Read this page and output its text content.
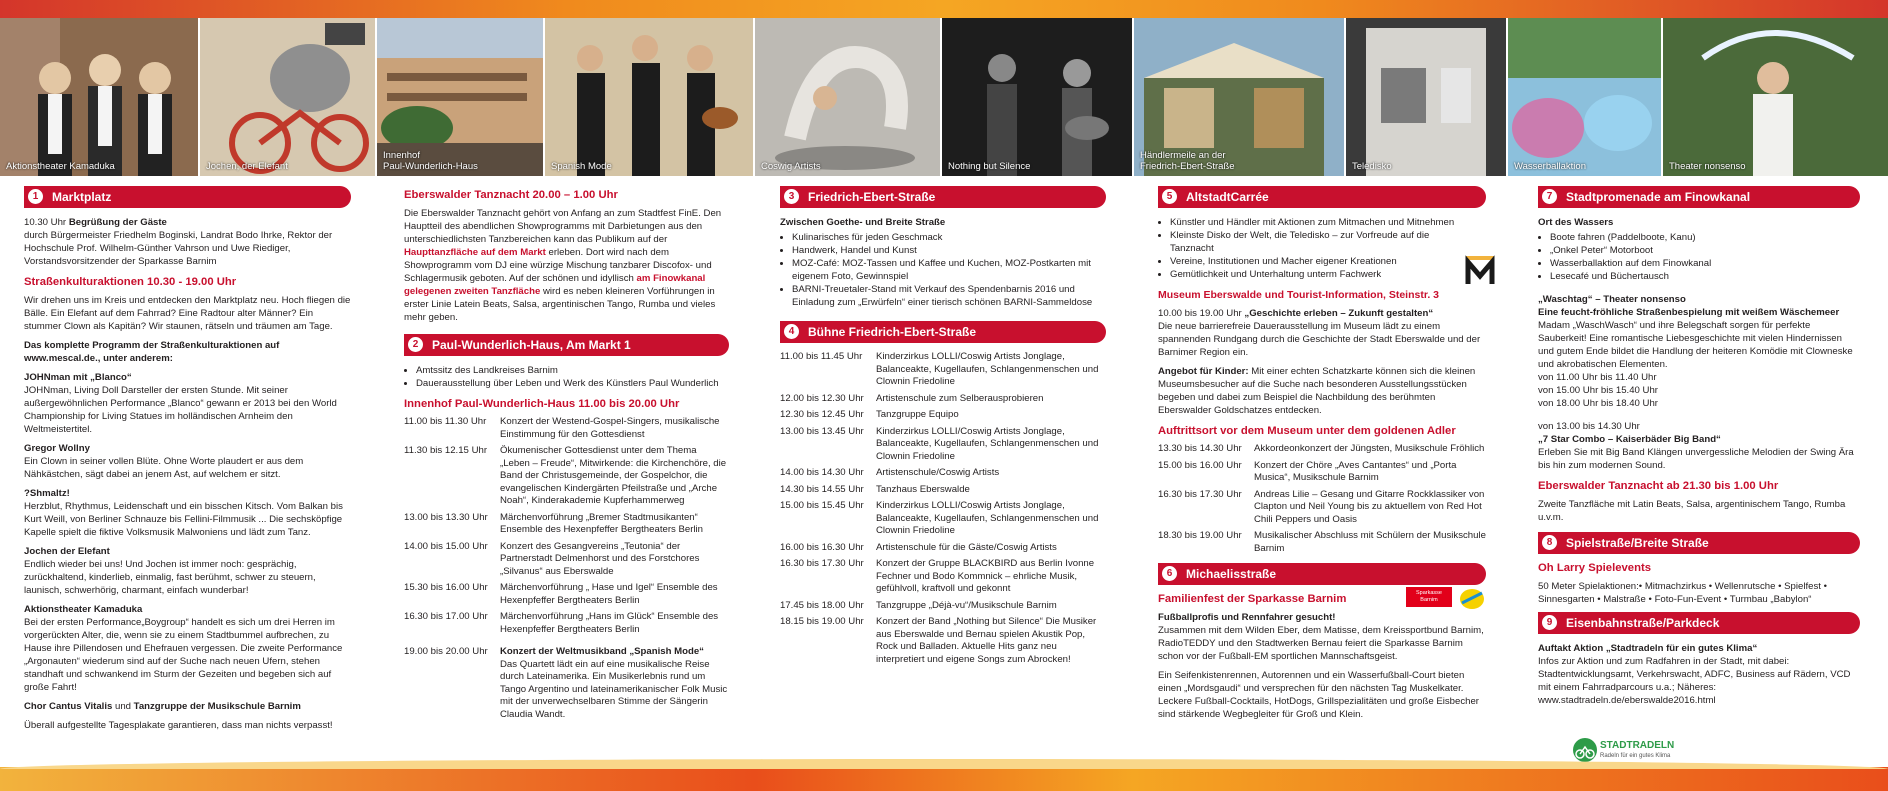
Aktionstheater Kamaduka	Jochen, der Elefant
Innenhof
Paul-Wunderlich-Haus	Spanish Mode	Coswig Artists	Nothing but Silence
Händlermeile an der
Friedrich-Ebert-Straße	Teledisko	Wasserballaktion	Theater nonsenso
1	Marktplatz

10.30 Uhr Begrüßung der Gäste
durch Bürgermeister Friedhelm Boginski, Landrat Bodo Ihrke, Rektor der Hochschule Prof. Wilhelm-Günther Vahrson und Uwe Riediger, Vorstandsvorsitzender der Sparkasse Barnim

Straßenkulturaktionen 10.30 - 19.00 Uhr

Wir drehen uns im Kreis und entdecken den Marktplatz neu. Hoch fliegen die Bälle. Ein Elefant auf dem Fahrrad? Eine Radtour alter Männer? Ein stummer Clown als Kapitän? Wir staunen, rätseln und träumen am Tage.

Das komplette Programm der Straßenkulturaktionen auf www.mescal.de., unter anderem:

JOHNman mit „Blanco“
JOHNman, Living Doll Darsteller der ersten Stunde. Mit seiner außergewöhnlichen Performance „Blanco“ gewann er 2013 bei den World Championship for Living Statues im holländischen Arnheim den Weltmeistertitel.

Gregor Wollny
Ein Clown in seiner vollen Blüte. Ohne Worte plaudert er aus dem Nähkästchen, sägt dabei an jenem Ast, auf welchem er sitzt.

?Shmaltz!
Herzblut, Rhythmus, Leidenschaft und ein bisschen Kitsch. Vom Balkan bis Kurt Weill, von Berliner Schnauze bis Fellini-Filmmusik ... Die sechsköpfige Kapelle spielt die fiktive Volksmusik Malwoniens und lädt zum Tanz.

Jochen der Elefant
Endlich wieder bei uns! Und Jochen ist immer noch: gesprächig, zurückhaltend, kinderlieb, einmalig, fast berühmt, schwer zu steuern, launisch, schwerhörig, charmant, einfach wunderbar!

Aktionstheater Kamaduka
Bei der ersten Performance„Boygroup“ handelt es sich um drei Herren im vorgerückten Alter, die, wenn sie zu einem Stadtbummel aufbrechen, zu Hause ihre Pillendosen und Ehefrauen vergessen. Die zweite Performance „Argonauten“ wiederum sind auf der Suche nach neuen Ufern, stehen standhaft und schwankend im Sturm der Gezeiten und begeben sich auf große Fahrt!

Chor Cantus Vitalis und Tanzgruppe der Musikschule Barnim

Überall aufgestellte Tagesplakate garantieren, dass man nichts verpasst!

Eberswalder Tanznacht 20.00 – 1.00 Uhr

Die Eberswalder Tanznacht gehört von Anfang an zum Stadtfest FinE. Den Hauptteil des abendlichen Showprogramms mit Darbietungen aus den unterschiedlichsten Tanzbereichen kann das Publikum auf der Haupttanzfläche auf dem Markt erleben. Dort wird nach dem Showprogramm vom DJ eine würzige Mischung tanzbarer Discofox- und Schlagermusik geboten. Auf der schönen und idyllisch am Finowkanal gelegenen zweiten Tanzfläche wird es neben kleineren Vorführungen in erster Linie Latein Beats, Salsa, argentinischen Tango, Rumba und vieles mehr geben.

2	Paul-Wunderlich-Haus, Am Markt 1
• Amtssitz des Landkreises Barnim
• Dauerausstellung über Leben und Werk des Künstlers Paul Wunderlich
Innenhof Paul-Wunderlich-Haus 11.00 bis 20.00 Uhr
11.00 bis 11.30 Uhr	Konzert der Westend-Gospel-Singers, musikalische Einstimmung für den Gottesdienst
11.30 bis 12.15 Uhr	Ökumenischer Gottesdienst unter dem Thema „Leben – Freude“, Mitwirkende: die Kirchenchöre, die Band der Christusgemeinde, der Gospelchor, die evangelischen Kindergärten Pfeilstraße und „Arche Noah“, Kinderakademie Kupferhammerweg
13.00 bis 13.30 Uhr	Märchenvorführung „Bremer Stadtmusikanten“ Ensemble des Hexenpfeffer Bergtheaters Berlin
14.00 bis 15.00 Uhr	Konzert des Gesangvereins „Teutonia“ der Partnerstadt Delmenhorst und des Forstchores „Silvanus“ aus Eberswalde
15.30 bis 16.00 Uhr	Märchenvorführung „ Hase und Igel“ Ensemble des Hexenpfeffer Bergtheaters Berlin
16.30 bis 17.00 Uhr	Märchenvorführung „Hans im Glück“ Ensemble des Hexenpfeffer Bergtheaters Berlin
19.00 bis 20.00 Uhr	Konzert der Weltmusikband „Spanish Mode“
Das Quartett lädt ein auf eine musikalische Reise durch Lateinamerika. Ein Musikerlebnis rund um Tango Argentino und lateinamerikanischer Folk Music mit der unverwechselbaren Stimme der Sängerin Claudia Wandt.
3	Friedrich-Ebert-Straße

Zwischen Goethe- und Breite Straße

• Kulinarisches für jeden Geschmack
• Handwerk, Handel und Kunst
• MOZ-Café: MOZ-Tassen und Kaffee und Kuchen, MOZ-Postkarten mit eigenem Foto, Gewinnspiel
• BARNI-Treuetaler-Stand mit Verkauf des Spendenbarnis 2016 und Einladung zum „Erwürfeln“ einer tierisch schönen BARNI-Sammeldose
4	Bühne Friedrich-Ebert-Straße
11.00 bis 11.45 Uhr	Kinderzirkus LOLLI/Coswig Artists Jonglage, Balanceakte, Kugellaufen, Schlangenmenschen und Clownin Friedoline
12.00 bis 12.30 Uhr	Artistenschule zum Selberausprobieren
12.30 bis 12.45 Uhr	Tanzgruppe Equipo
13.00 bis 13.45 Uhr	Kinderzirkus LOLLI/Coswig Artists Jonglage, Balanceakte, Kugellaufen, Schlangenmenschen und Clownin Friedoline
14.00 bis 14.30 Uhr	Artistenschule/Coswig Artists
14.30 bis 14.55 Uhr	Tanzhaus Eberswalde
15.00 bis 15.45 Uhr	Kinderzirkus LOLLI/Coswig Artists Jonglage, Balanceakte, Kugellaufen, Schlangenmenschen und Clownin Friedoline
16.00 bis 16.30 Uhr	Artistenschule für die Gäste/Coswig Artists
16.30 bis 17.30 Uhr	Konzert der Gruppe BLACKBIRD aus Berlin Ivonne Fechner und Bodo Kommnick – ehrliche Musik, gefühlvoll, kraftvoll und gekonnt
17.45 bis 18.00 Uhr	Tanzgruppe „Déjà-vu“/Musikschule Barnim
18.15 bis 19.00 Uhr	Konzert der Band „Nothing but Silence“ Die Musiker aus Eberswalde und Bernau spielen Akustik Pop, Rock und Balladen. Aktuelle Hits ganz neu interpretiert und eigene Songs zum Abrocken!
5	AltstadtCarrée
• Künstler und Händler mit Aktionen zum Mitmachen und Mitnehmen
• Kleinste Disko der Welt, die Teledisko – zur Vorfreude auf die Tanznacht
• Vereine, Institutionen und Macher eigener Kreationen
• Gemütlichkeit und Unterhaltung unterm Fachwerk
Museum Eberswalde und Tourist-Information, Steinstr. 3

10.00 bis 19.00 Uhr „Geschichte erleben – Zukunft gestalten“
Die neue barrierefreie Dauerausstellung im Museum lädt zu einem spannenden Rundgang durch die Geschichte der Stadt Eberswalde und der Barnimer Region ein.

Angebot für Kinder: Mit einer echten Schatzkarte können sich die kleinen Museumsbesucher auf die Suche nach besonderen Ausstellungsstücken begeben und dabei zum Beispiel die Nachbildung des berühmten Eberswalder Goldschatzes entdecken.

Auftrittsort vor dem Museum unter dem goldenen Adler
13.30 bis 14.30 Uhr	Akkordeonkonzert der Jüngsten, Musikschule Fröhlich
15.00 bis 16.00 Uhr	Konzert der Chöre „Aves Cantantes“ und „Porta Musica“, Musikschule Barnim
16.30 bis 17.30 Uhr	Andreas Lilie – Gesang und Gitarre Rockklassiker von Clapton und Neil Young bis zu aktuellem von Red Hot Chili Peppers und Oasis
18.30 bis 19.00 Uhr	Musikalischer Abschluss mit Schülern der Musikschule Barnim
6	Michaelisstraße
Familienfest der Sparkasse Barnim	Sparkasse Barnim

Fußballprofis und Rennfahrer gesucht!
Zusammen mit dem Wilden Eber, dem Matisse, dem Kreissportbund Barnim, RadioTEDDY und den Stadtwerken Bernau feiert die Sparkasse Barnim schon vor der Fußball-EM sportlichen Mannschaftsgeist.

Ein Seifenkistenrennen, Autorennen und ein Wasserfußball-Court bieten einen „Mordsgaudi“ und versprechen für den nächsten Tag Muskelkater. Leckere Fußball-Cocktails, HotDogs, Grillspezialitäten und große Eisbecher sind stärkende Wegbegleiter für Groß und Klein.

7	Stadtpromenade am Finowkanal

Ort des Wassers

• Boote fahren (Paddelboote, Kanu)
• „Onkel Peter“ Motorboot
• Wasserballaktion auf dem Finowkanal
• Lesecafé und Büchertausch

„Waschtag“ – Theater nonsenso
Eine feucht-fröhliche Straßenbespielung mit weißem Wäschemeer
Madam „WaschWasch“ und ihre Belegschaft sorgen für perfekte Sauberkeit! Eine romantische Liebesgeschichte mit vielen Hindernissen und gutem Ende bildet die Handlung der heiteren Komödie mit Clowneske und akrobatischen Elementen.
von 11.00 Uhr bis 11.40 Uhr
von 15.00 Uhr bis 15.40 Uhr
von 18.00 Uhr bis 18.40 Uhr

von 13.00 bis 14.30 Uhr
„7 Star Combo – Kaiserbäder Big Band“
Erleben Sie mit Big Band Klängen unvergessliche Melodien der Swing Ära bis hin zum modernen Sound.

Eberswalder Tanznacht ab 21.30 bis 1.00 Uhr

Zweite Tanzfläche mit Latin Beats, Salsa, argentinischem Tango, Rumba u.v.m.

8	Spielstraße/Breite Straße
Oh Larry Spielevents

50 Meter Spielaktionen:• Mitmachzirkus • Wellenrutsche • Spielfest • Sinnesgarten • Malstraße • Foto-Fun-Event • Turmbau „Babylon“

9	Eisenbahnstraße/Parkdeck

Auftakt Aktion „Stadtradeln für ein gutes Klima“
Infos zur Aktion und zum Radfahren in der Stadt, mit dabei: Stadtentwicklungsamt, Verkehrswacht, ADFC, Business auf Rädern, VCD mit einem Fahrradparcours u.a.; Näheres: www.stadtradeln.de/eberswalde2016.html

STADTRADELN
Radeln für ein gutes Klima
